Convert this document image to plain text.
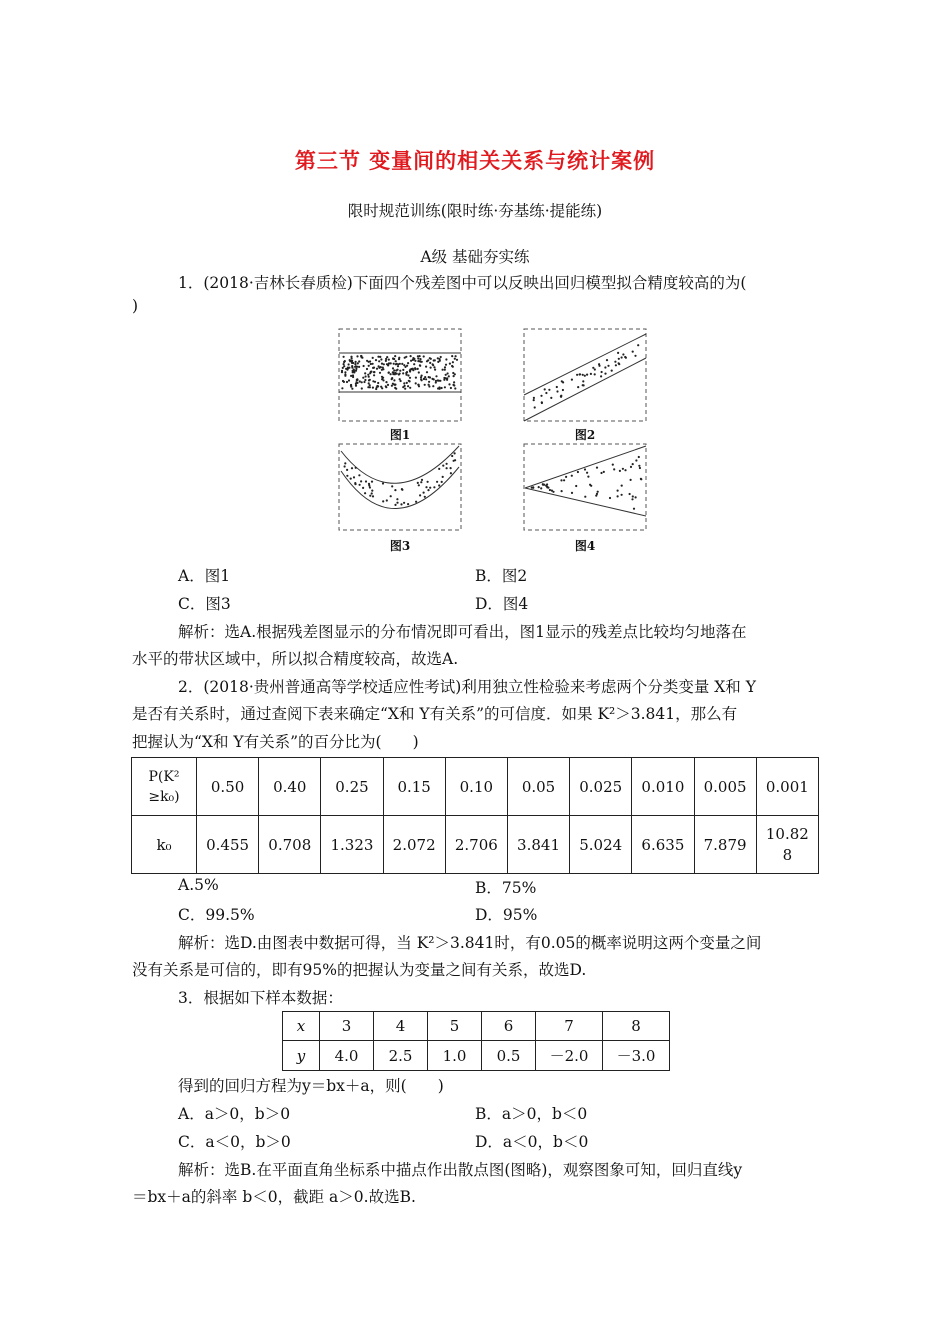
第三节 变量间的相关关系与统计案例
限时规范训练(限时练·夯基练·提能练)
A级 基础夯实练
1．(2018·吉林长春质检)下面四个残差图中可以反映出回归模型拟合精度较高的为(
)
图1	图2
图3	图4
A．图1	B．图2
C．图3	D．图4
解析：选A.根据残差图显示的分布情况即可看出，图1显示的残差点比较均匀地落在
水平的带状区域中，所以拟合精度较高，故选A.
2．(2018·贵州普通高等学校适应性考试)利用独立性检验来考虑两个分类变量 X和 Y
是否有关系时，通过查阅下表来确定“X和 Y有关系”的可信度．如果 K²＞3.841，那么有
把握认为“X和 Y有关系”的百分比为(　　)
P(K²
≥k₀)	0.50	0.40	0.25	0.15	0.10	0.05	0.025	0.010	0.005	0.001
k₀	0.455	0.708	1.323	2.072	2.706	3.841	5.024	6.635	7.879	10.82
8
A.5%	B．75%
C．99.5%	D．95%
解析：选D.由图表中数据可得，当 K²＞3.841时，有0.05的概率说明这两个变量之间
没有关系是可信的，即有95%的把握认为变量之间有关系，故选D.
3．根据如下样本数据：
x	3	4	5	6	7	8
y	4.0	2.5	1.0	0.5	－2.0	－3.0
得到的回归方程为y＝bx＋a，则(　　)
A．a＞0，b＞0	B．a＞0，b＜0
C．a＜0，b＞0	D．a＜0，b＜0
解析：选B.在平面直角坐标系中描点作出散点图(图略)，观察图象可知，回归直线y
＝bx＋a的斜率 b＜0，截距 a＞0.故选B.
